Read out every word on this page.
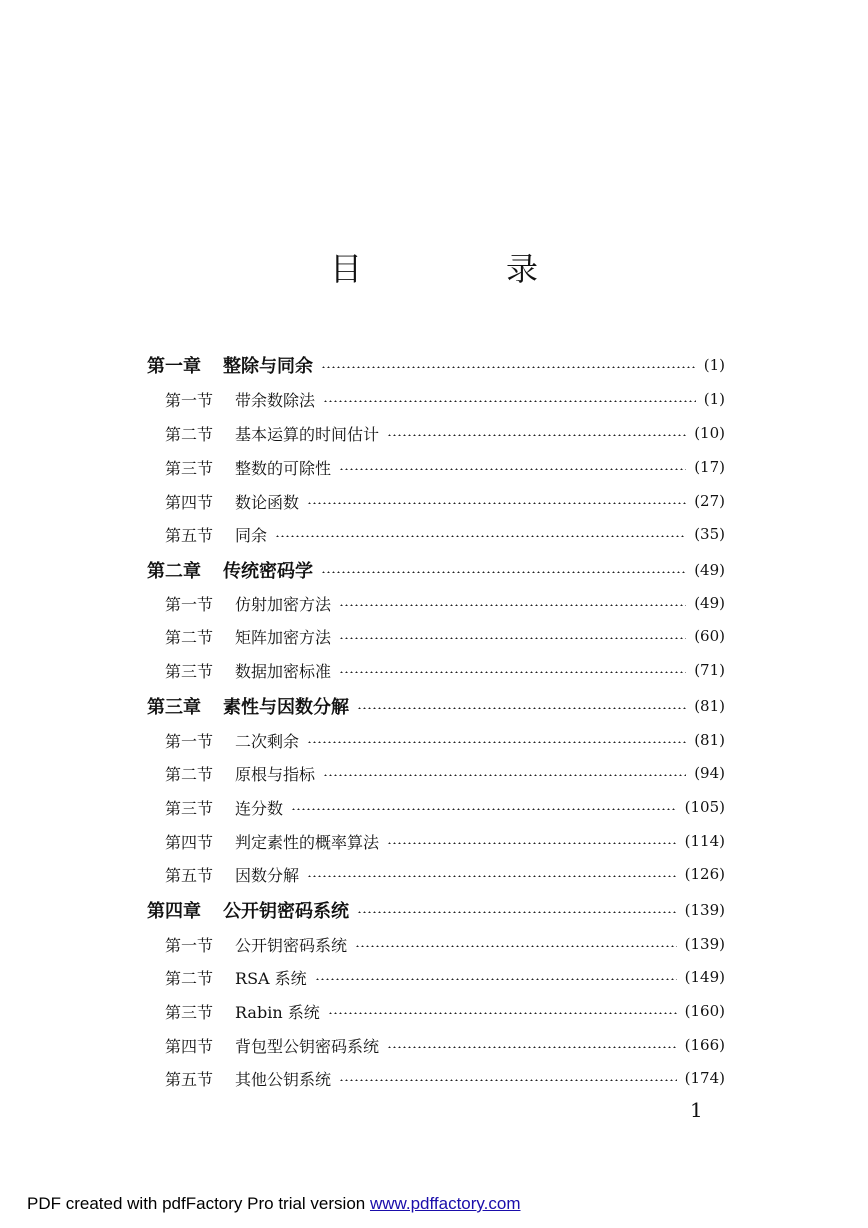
目　录
第一章 整除与同余	(1)
第一节 带余数除法	(1)
第二节 基本运算的时间估计	(10)
第三节 整数的可除性	(17)
第四节 数论函数	(27)
第五节 同余	(35)
第二章 传统密码学	(49)
第一节 仿射加密方法	(49)
第二节 矩阵加密方法	(60)
第三节 数据加密标准	(71)
第三章 素性与因数分解	(81)
第一节 二次剩余	(81)
第二节 原根与指标	(94)
第三节 连分数	(105)
第四节 判定素性的概率算法	(114)
第五节 因数分解	(126)
第四章 公开钥密码系统	(139)
第一节 公开钥密码系统	(139)
第二节 RSA 系统	(149)
第三节 Rabin 系统	(160)
第四节 背包型公钥密码系统	(166)
第五节 其他公钥系统	(174)
1
PDF created with pdfFactory Pro trial version www.pdffactory.com
